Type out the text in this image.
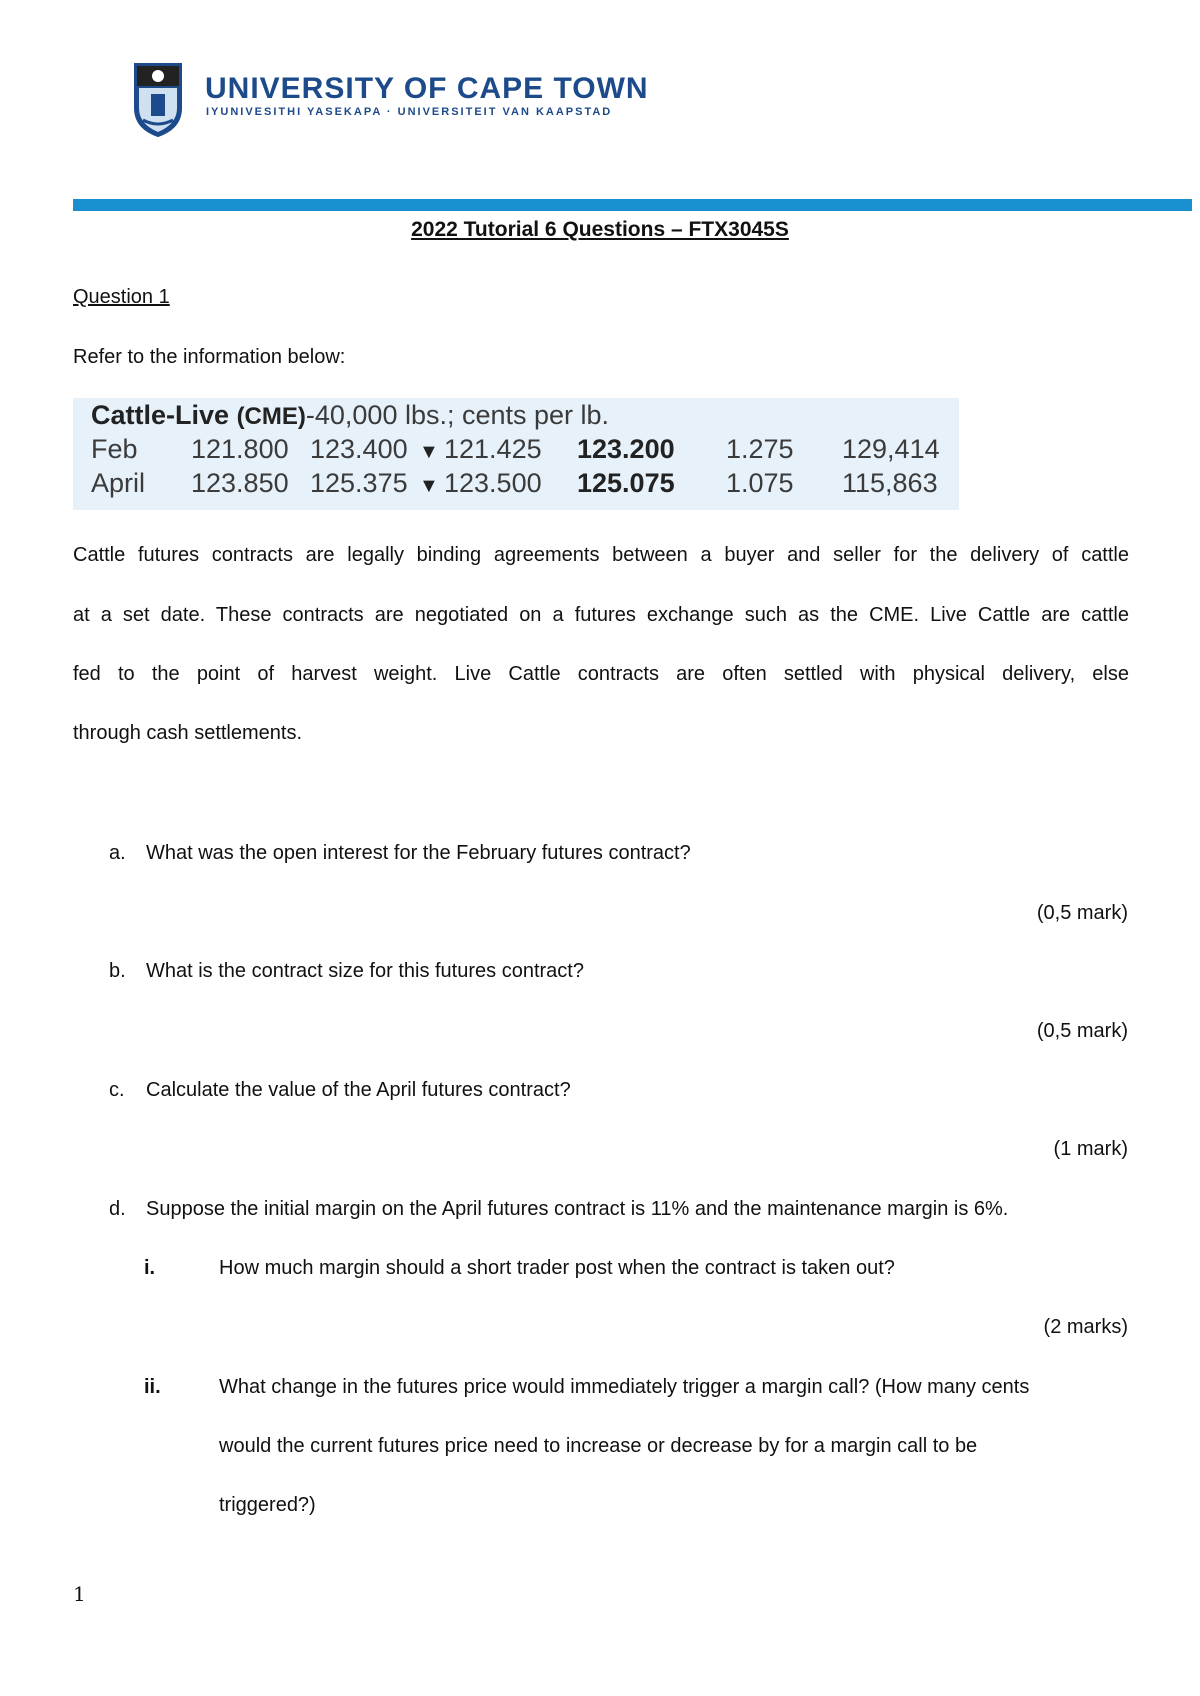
UNIVERSITY OF CAPE TOWN
IYUNIVESITHI YASEKAPA · UNIVERSITEIT VAN KAAPSTAD
2022 Tutorial 6 Questions – FTX3045S
Question 1
Refer to the information below:
Cattle-Live (CME)-40,000 lbs.; cents per lb.
Feb 121.800 123.400 ▼ 121.425 123.200 1.275 129,414
April 123.850 125.375 ▼ 123.500 125.075 1.075 115,863
Cattle futures contracts are legally binding agreements between a buyer and seller for the delivery of cattle
at a set date. These contracts are negotiated on a futures exchange such as the CME. Live Cattle are cattle
fed to the point of harvest weight. Live Cattle contracts are often settled with physical delivery, else
through cash settlements.
a. What was the open interest for the February futures contract?
(0,5 mark)
b. What is the contract size for this futures contract?
(0,5 mark)
c. Calculate the value of the April futures contract?
(1 mark)
d. Suppose the initial margin on the April futures contract is 11% and the maintenance margin is 6%.
i.	How much margin should a short trader post when the contract is taken out?
(2 marks)
ii.	What change in the futures price would immediately trigger a margin call? (How many cents
would the current futures price need to increase or decrease by for a margin call to be
triggered?)
1
